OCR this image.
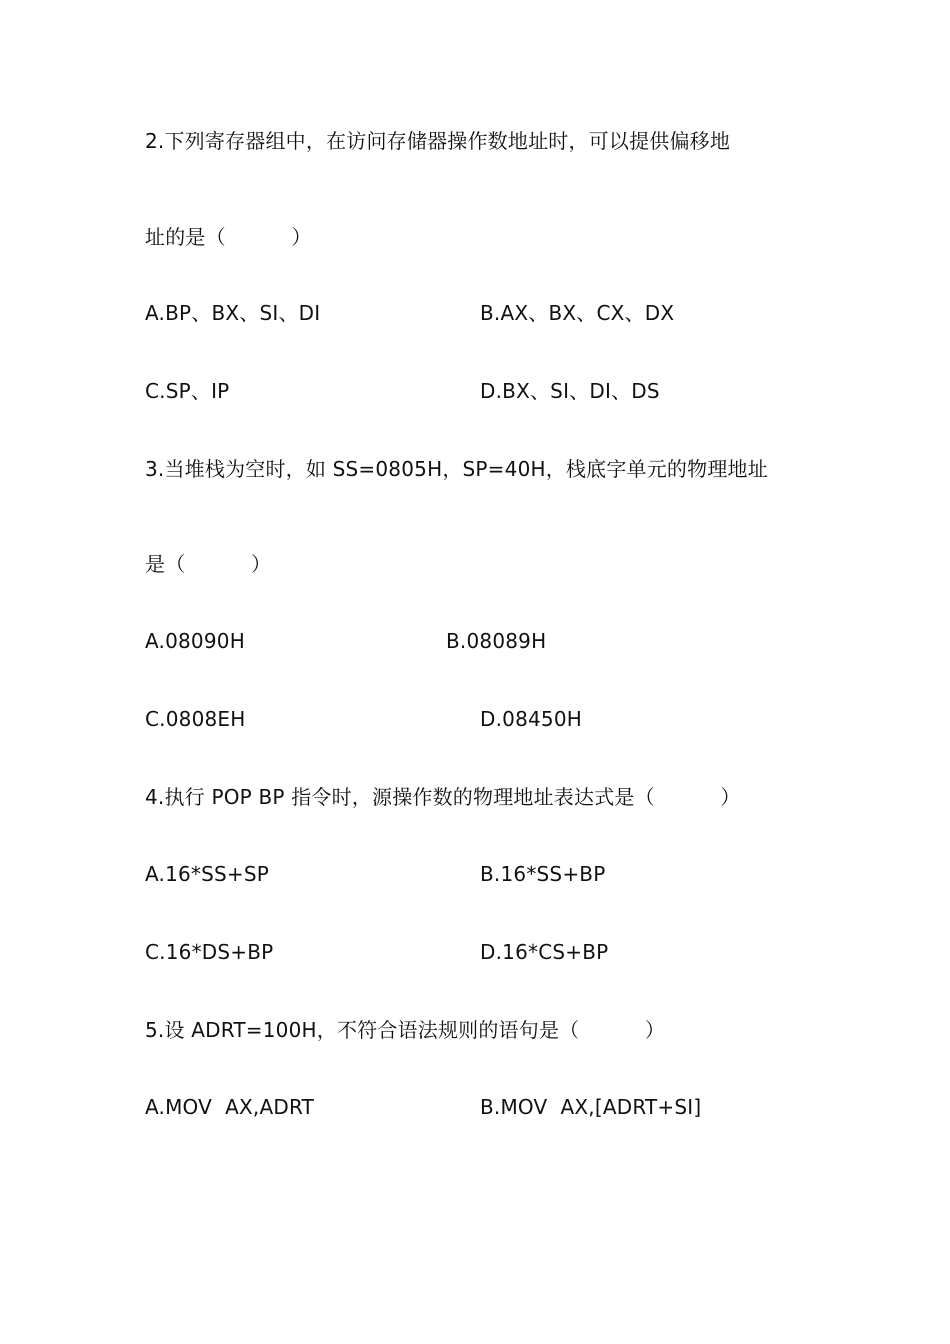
2.下列寄存器组中，在访问存储器操作数地址时，可以提供偏移地
址的是（          ）
A.BP、BX、SI、DI	B.AX、BX、CX、DX
C.SP、IP	D.BX、SI、DI、DS
3.当堆栈为空时，如 SS=0805H，SP=40H，栈底字单元的物理地址
是（          ）
A.08090H	B.08089H
C.0808EH	D.08450H
4.执行 POP BP 指令时，源操作数的物理地址表达式是（          ）
A.16*SS+SP	B.16*SS+BP
C.16*DS+BP	D.16*CS+BP
5.设 ADRT=100H，不符合语法规则的语句是（          ）
A.MOV  AX,ADRT	B.MOV  AX,[ADRT+SI]
